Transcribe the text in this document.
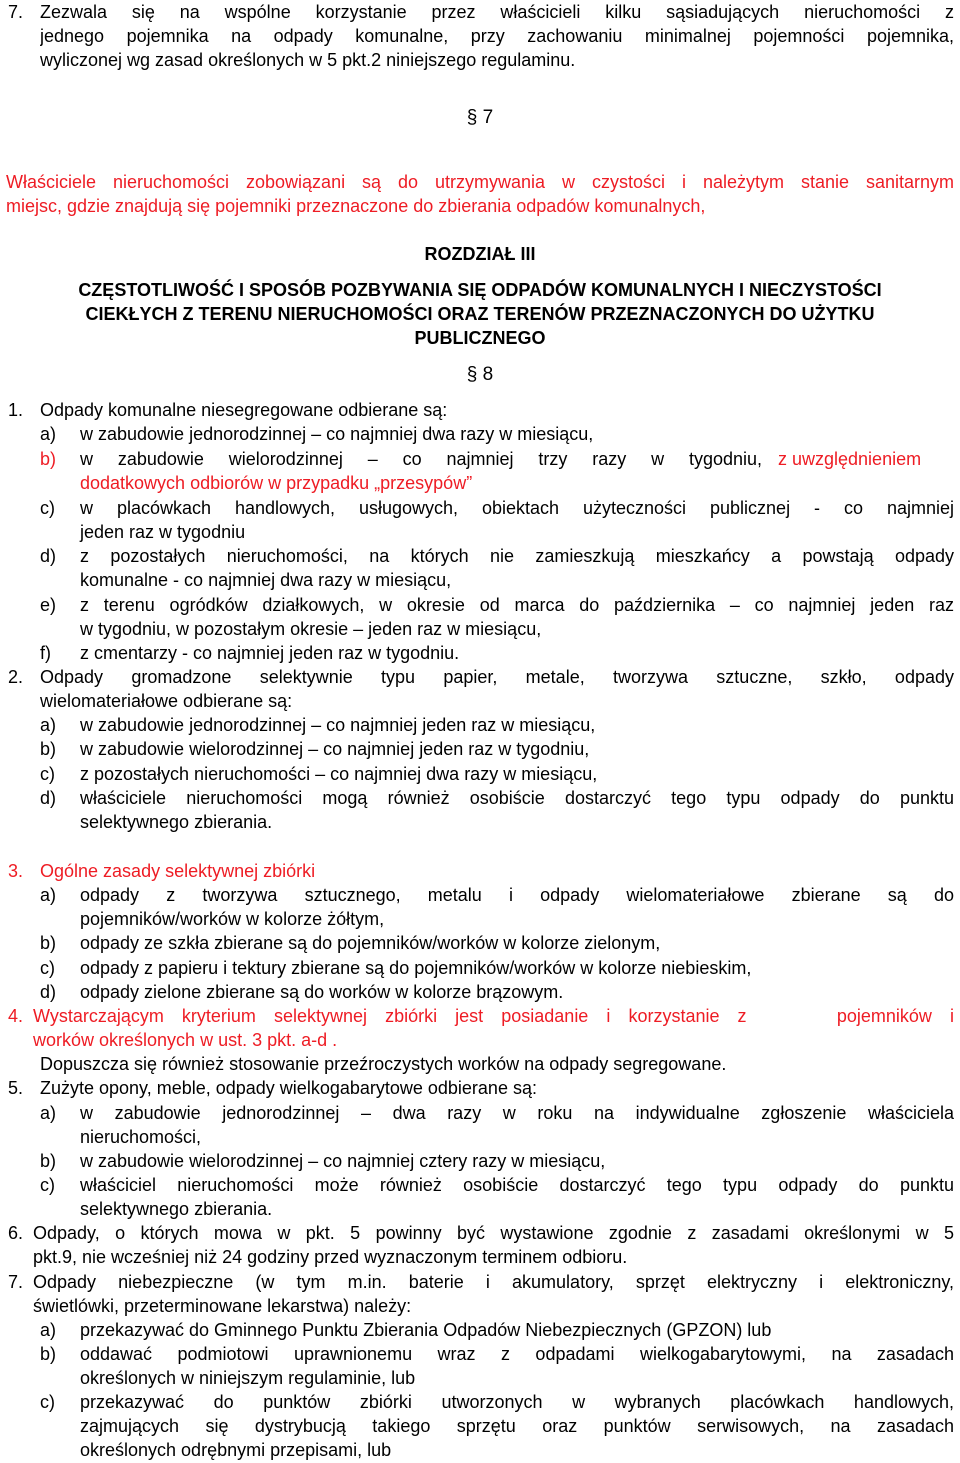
7. Zezwala się na wspólne korzystanie przez właścicieli kilku sąsiadujących nieruchomości z
jednego pojemnika na odpady komunalne, przy zachowaniu minimalnej pojemności pojemnika,
wyliczonej wg zasad określonych w 5 pkt.2 niniejszego regulaminu.
§ 7
Właściciele nieruchomości zobowiązani są do utrzymywania w czystości i należytym stanie sanitarnym
miejsc, gdzie znajdują się pojemniki przeznaczone do zbierania odpadów komunalnych,
ROZDZIAŁ III
CZĘSTOTLIWOŚĆ I SPOSÓB POZBYWANIA SIĘ ODPADÓW KOMUNALNYCH I NIECZYSTOŚCI
CIEKŁYCH Z TERENU NIERUCHOMOŚCI ORAZ TERENÓW PRZEZNACZONYCH DO UŻYTKU
PUBLICZNEGO
§ 8
1. Odpady komunalne niesegregowane odbierane są:
a) w zabudowie jednorodzinnej – co najmniej dwa razy w miesiącu,
b) w zabudowie wielorodzinnej – co najmniej trzy razy w tygodniu, z uwzględnieniem
dodatkowych odbiorów w przypadku „przesypów”
c) w placówkach handlowych, usługowych, obiektach użyteczności publicznej - co najmniej
jeden raz w tygodniu
d) z pozostałych nieruchomości, na których nie zamieszkują mieszkańcy a powstają odpady
komunalne - co najmniej dwa razy w miesiącu,
e) z terenu ogródków działkowych, w okresie od marca do października – co najmniej jeden raz
w tygodniu, w pozostałym okresie – jeden raz w miesiącu,
f) z cmentarzy - co najmniej jeden raz w tygodniu.
2. Odpady gromadzone selektywnie typu papier, metale, tworzywa sztuczne, szkło, odpady
wielomateriałowe odbierane są:
a) w zabudowie jednorodzinnej – co najmniej jeden raz w miesiącu,
b) w zabudowie wielorodzinnej – co najmniej jeden raz w tygodniu,
c) z pozostałych nieruchomości – co najmniej dwa razy w miesiącu,
d) właściciele nieruchomości mogą również osobiście dostarczyć tego typu odpady do punktu
selektywnego zbierania.
3. Ogólne zasady selektywnej zbiórki
a) odpady z tworzywa sztucznego, metalu i odpady wielomateriałowe zbierane są do
pojemników/worków w kolorze żółtym,
b) odpady ze szkła zbierane są do pojemników/worków w kolorze zielonym,
c) odpady z papieru i tektury zbierane są do pojemników/worków w kolorze niebieskim,
d) odpady zielone zbierane są do worków w kolorze brązowym.
4. Wystarczającym kryterium selektywnej zbiórki jest posiadanie i korzystanie z     pojemników i
worków określonych w ust. 3 pkt. a-d .
Dopuszcza się również stosowanie przeźroczystych worków na odpady segregowane.
5. Zużyte opony, meble, odpady wielkogabarytowe odbierane są:
a) w zabudowie jednorodzinnej – dwa razy w roku na indywidualne zgłoszenie właściciela
nieruchomości,
b) w zabudowie wielorodzinnej – co najmniej cztery razy w miesiącu,
c) właściciel nieruchomości może również osobiście dostarczyć tego typu odpady do punktu
selektywnego zbierania.
6. Odpady, o których mowa w pkt. 5 powinny być wystawione zgodnie z zasadami określonymi w 5
pkt.9, nie wcześniej niż 24 godziny przed wyznaczonym terminem odbioru.
7. Odpady niebezpieczne (w tym m.in. baterie i akumulatory, sprzęt elektryczny i elektroniczny,
świetlówki, przeterminowane lekarstwa) należy:
a) przekazywać do Gminnego Punktu Zbierania Odpadów Niebezpiecznych (GPZON) lub
b) oddawać podmiotowi uprawnionemu wraz z odpadami wielkogabarytowymi, na zasadach
określonych w niniejszym regulaminie, lub
c) przekazywać do punktów zbiórki utworzonych w wybranych placówkach handlowych,
zajmujących się dystrybucją takiego sprzętu oraz punktów serwisowych, na zasadach
określonych odrębnymi przepisami, lub
